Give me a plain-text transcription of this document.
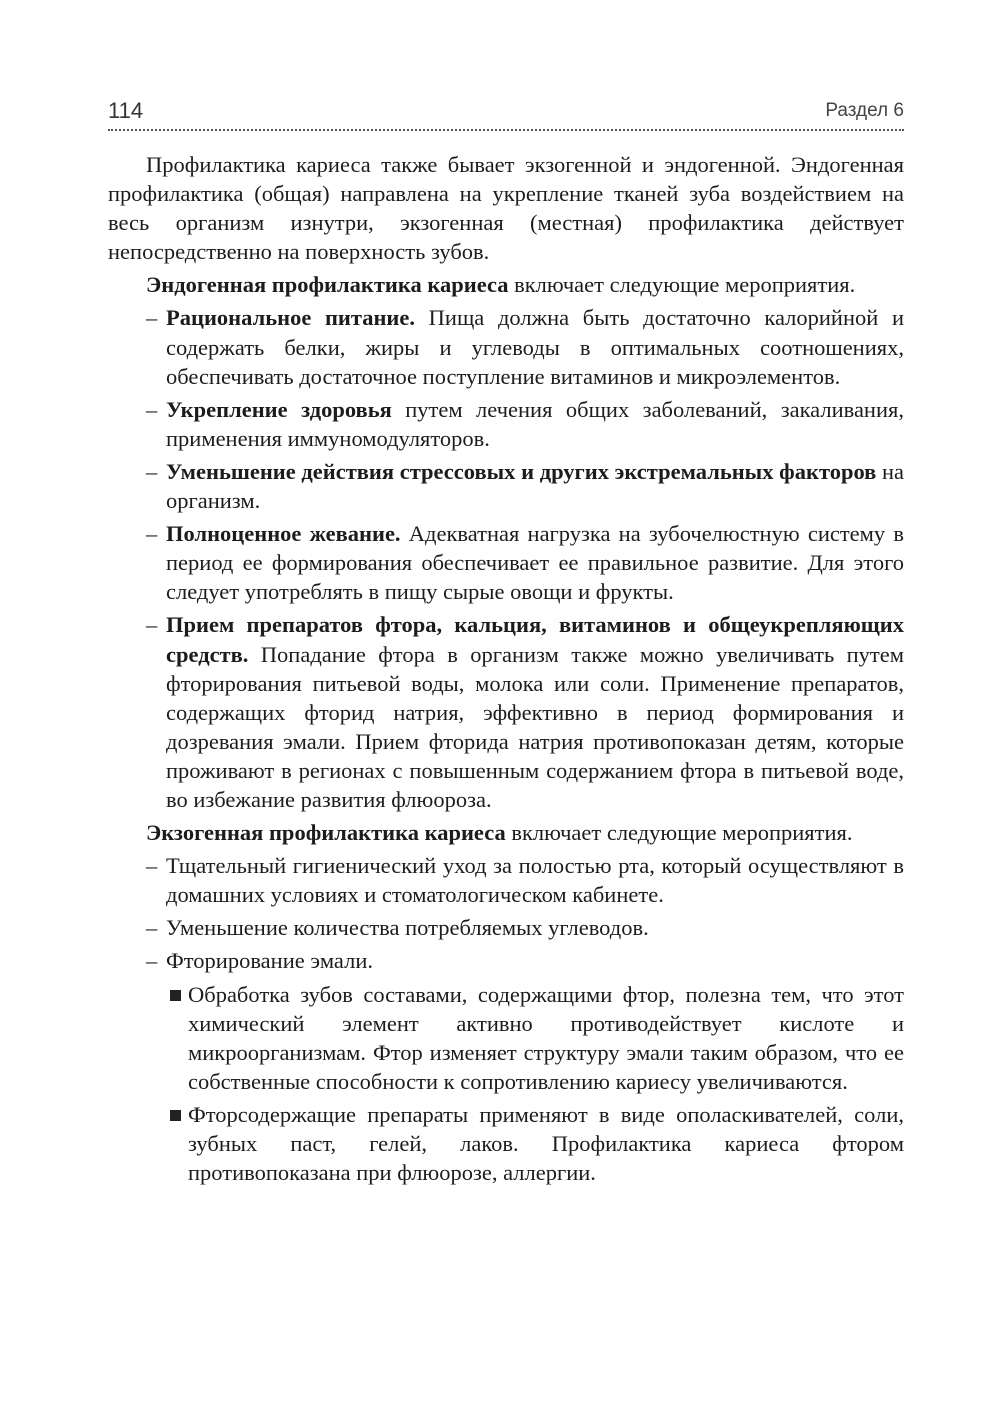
114	Раздел 6

Профилактика кариеса также бывает экзогенной и эндогенной. Эндогенная профилактика (общая) направлена на укрепление тканей зуба воздействием на весь организм изнутри, экзогенная (местная) профилактика действует непосредственно на поверхность зубов.

Эндогенная профилактика кариеса включает следующие мероприятия.

– Рациональное питание. Пища должна быть достаточно калорийной и содержать белки, жиры и углеводы в оптимальных соотношениях, обеспечивать достаточное поступление витаминов и микроэлементов.

– Укрепление здоровья путем лечения общих заболеваний, закаливания, применения иммуномодуляторов.

– Уменьшение действия стрессовых и других экстремальных факторов на организм.

– Полноценное жевание. Адекватная нагрузка на зубочелюстную систему в период ее формирования обеспечивает ее правильное развитие. Для этого следует употреблять в пищу сырые овощи и фрукты.

– Прием препаратов фтора, кальция, витаминов и общеукрепляющих средств. Попадание фтора в организм также можно увеличивать путем фторирования питьевой воды, молока или соли. Применение препаратов, содержащих фторид натрия, эффективно в период формирования и дозревания эмали. Прием фторида натрия противопоказан детям, которые проживают в регионах с повышенным содержанием фтора в питьевой воде, во избежание развития флюороза.

Экзогенная профилактика кариеса включает следующие мероприятия.

– Тщательный гигиенический уход за полостью рта, который осуществляют в домашних условиях и стоматологическом кабинете.

– Уменьшение количества потребляемых углеводов.

– Фторирование эмали.

Обработка зубов составами, содержащими фтор, полезна тем, что этот химический элемент активно противодействует кислоте и микроорганизмам. Фтор изменяет структуру эмали таким образом, что ее собственные способности к сопротивлению кариесу увеличиваются.

Фторсодержащие препараты применяют в виде ополаскивателей, соли, зубных паст, гелей, лаков. Профилактика кариеса фтором противопоказана при флюорозе, аллергии.
